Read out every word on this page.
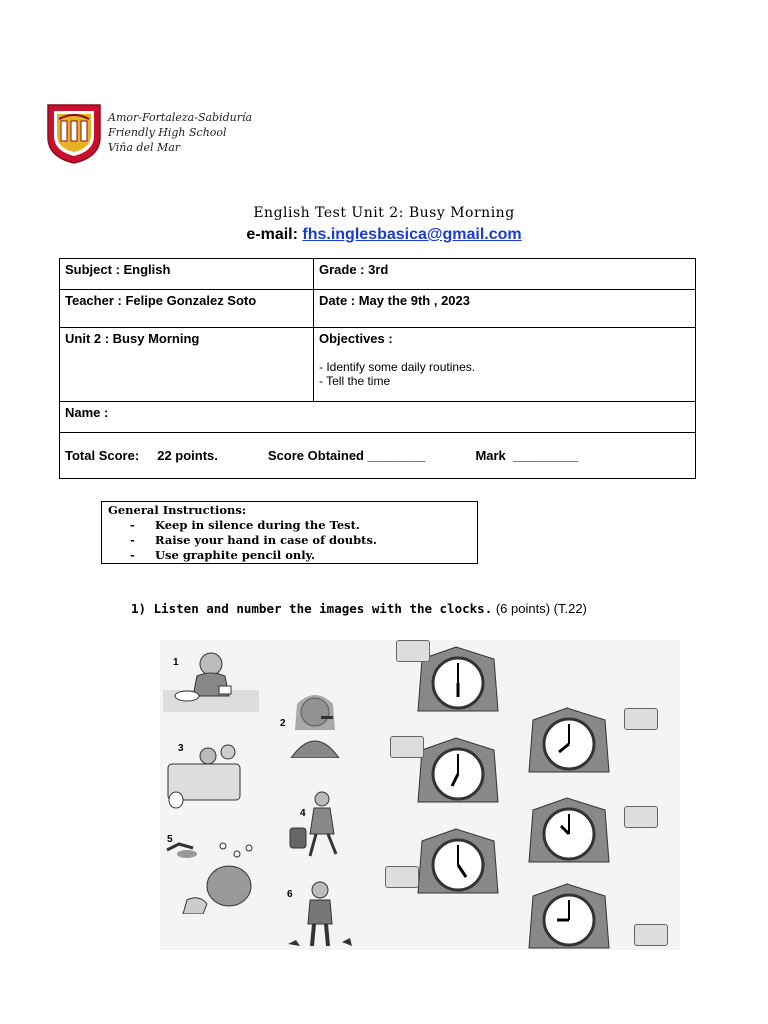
Amor-Fortaleza-Sabiduría
Friendly High School
Viña del Mar
English Test Unit 2: Busy Morning
e-mail: fhs.inglesbasica@gmail.com
Subject : English	Grade : 3rd
Teacher : Felipe Gonzalez Soto	Date : May the 9th , 2023
Unit 2 : Busy Morning	Objectives :
- Identify some daily routines.
- Tell the time

Name :	
Total Score:     22 points. Score Obtained ________ Mark  _________	
General Instructions:
- Keep in silence during the Test.
- Raise your hand in case of doubts.
- Use graphite pencil only.
1) Listen and number the images with the clocks. (6 points) (T.22)
1
2
3
4
5
6
